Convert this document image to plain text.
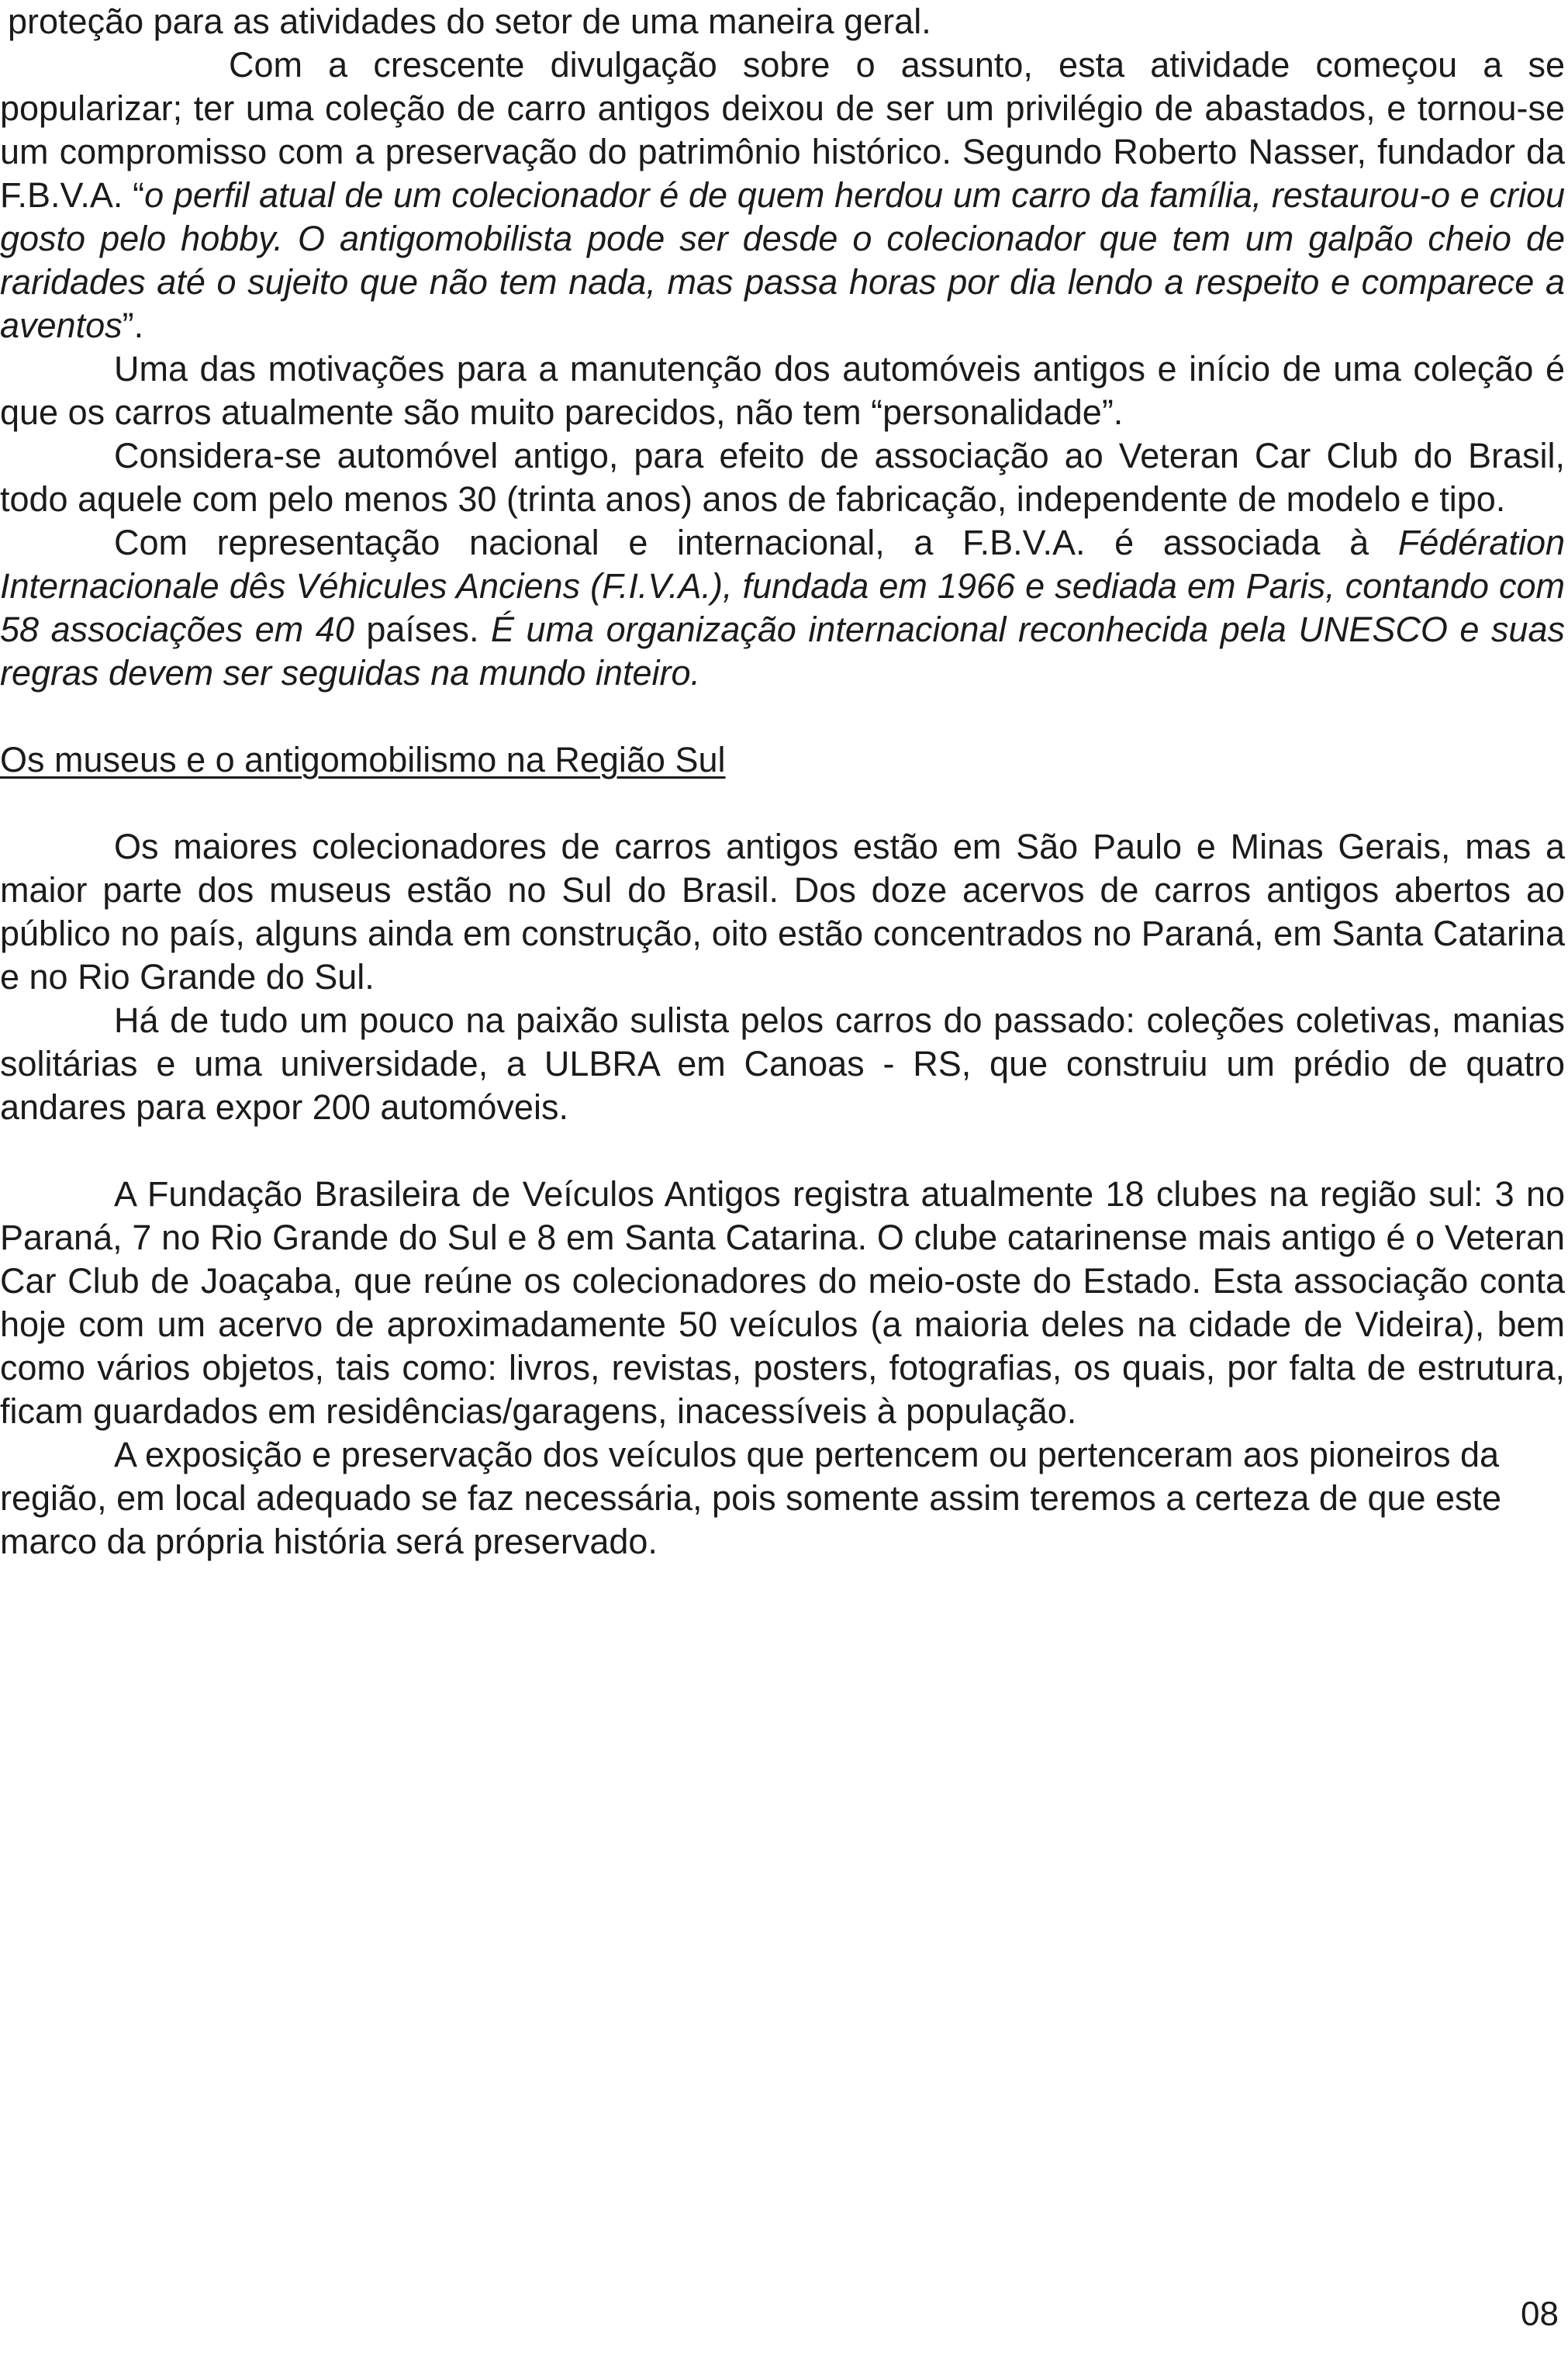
proteção para as atividades do setor de uma maneira geral.

Com a crescente divulgação sobre o assunto, esta atividade começou a se popularizar; ter uma coleção de carro antigos deixou de ser um privilégio de abastados, e tornou-se um compromisso com a preservação do patrimônio histórico. Segundo Roberto Nasser, fundador da F.B.V.A. “o perfil atual de um colecionador é de quem herdou um carro da família, restaurou-o e criou gosto pelo hobby. O antigomobilista pode ser desde o colecionador que tem um galpão cheio de raridades até o sujeito que não tem nada, mas passa horas por dia lendo a respeito e comparece a aventos”.

Uma das motivações para a manutenção dos automóveis antigos e início de uma coleção é que os carros atualmente são muito parecidos, não tem “personalidade”.

Considera-se automóvel antigo, para efeito de associação ao Veteran Car Club do Brasil, todo aquele com pelo menos 30 (trinta anos) anos de fabricação, independente de modelo e tipo.

Com representação nacional e internacional, a F.B.V.A. é associada à Fédération Internacionale dês Véhicules Anciens (F.I.V.A.), fundada em 1966 e sediada em Paris, contando com 58 associações em 40 países. É uma organização internacional reconhecida pela UNESCO e suas regras devem ser seguidas na mundo inteiro.

Os museus e o antigomobilismo na Região Sul

Os maiores colecionadores de carros antigos estão em São Paulo e Minas Gerais, mas a maior parte dos museus estão no Sul do Brasil. Dos doze acervos de carros antigos abertos ao público no país, alguns ainda em construção, oito estão concentrados no Paraná, em Santa Catarina e no Rio Grande do Sul.

Há de tudo um pouco na paixão sulista pelos carros do passado: coleções coletivas, manias solitárias e uma universidade, a ULBRA em Canoas - RS, que construiu um prédio de quatro andares para expor 200 automóveis.

A Fundação Brasileira de Veículos Antigos registra atualmente 18 clubes na região sul: 3 no Paraná, 7 no Rio Grande do Sul e 8 em Santa Catarina. O clube catarinense mais antigo é o Veteran Car Club de Joaçaba, que reúne os colecionadores do meio-oste do Estado. Esta associação conta hoje com um acervo de aproximadamente 50 veículos (a maioria deles na cidade de Videira), bem como vários objetos, tais como: livros, revistas, posters, fotografias, os quais, por falta de estrutura, ficam guardados em residências/garagens, inacessíveis à população.

A exposição e preservação dos veículos que pertencem ou pertenceram aos pioneiros da região, em local adequado se faz necessária, pois somente assim teremos a certeza de que este marco da própria história será preservado.

08
